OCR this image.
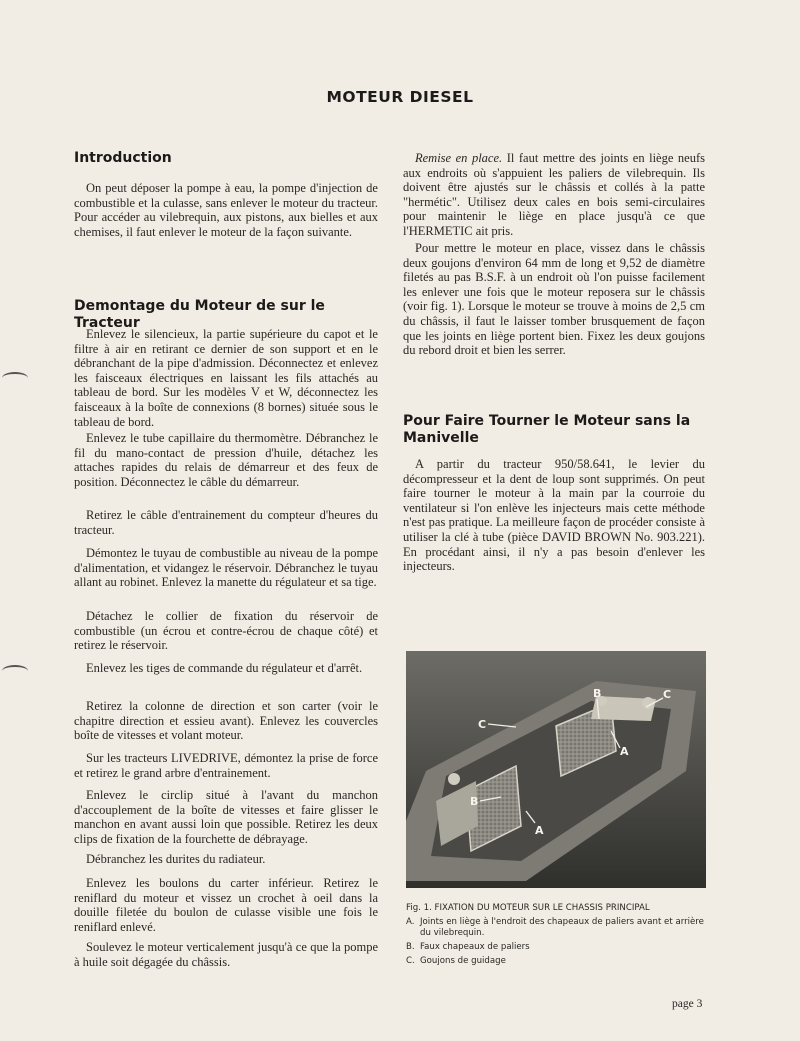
MOTEUR DIESEL
Introduction

On peut déposer la pompe à eau, la pompe d'injection de combustible et la culasse, sans enlever le moteur du tracteur. Pour accéder au vilebrequin, aux pistons, aux bielles et aux chemises, il faut enlever le moteur de la façon suivante.

Demontage du Moteur de sur le Tracteur

Enlevez le silencieux, la partie supérieure du capot et le filtre à air en retirant ce dernier de son support et en le débranchant de la pipe d'admission. Déconnectez et enlevez les faisceaux électriques en laissant les fils attachés au tableau de bord. Sur les modèles V et W, déconnectez les faisceaux à la boîte de connexions (8 bornes) située sous le tableau de bord.

Enlevez le tube capillaire du thermomètre. Débranchez le fil du mano-contact de pression d'huile, détachez les attaches rapides du relais de démarreur et des feux de position. Déconnectez le câble du démarreur.

Retirez le câble d'entrainement du compteur d'heures du tracteur.

Démontez le tuyau de combustible au niveau de la pompe d'alimentation, et vidangez le réservoir. Débranchez le tuyau allant au robinet. Enlevez la manette du régulateur et sa tige.

Détachez le collier de fixation du réservoir de combustible (un écrou et contre-écrou de chaque côté) et retirez le réservoir.

Enlevez les tiges de commande du régulateur et d'arrêt.

Retirez la colonne de direction et son carter (voir le chapitre direction et essieu avant). Enlevez les couvercles boîte de vitesses et volant moteur.

Sur les tracteurs LIVEDRIVE, démontez la prise de force et retirez le grand arbre d'entrainement.

Enlevez le circlip situé à l'avant du manchon d'accouplement de la boîte de vitesses et faire glisser le manchon en avant aussi loin que possible. Retirez les deux clips de fixation de la fourchette de débrayage.

Débranchez les durites du radiateur.

Enlevez les boulons du carter inférieur. Retirez le reniflard du moteur et vissez un crochet à oeil dans la douille filetée du boulon de culasse visible une fois le reniflard enlevé.

Soulevez le moteur verticalement jusqu'à ce que la pompe à huile soit dégagée du châssis.

Remise en place. Il faut mettre des joints en liège neufs aux endroits où s'appuient les paliers de vilebrequin. Ils doivent être ajustés sur le châssis et collés à la patte "hermétic". Utilisez deux cales en bois semi-circulaires pour maintenir le liège en place jusqu'à ce que l'HERMETIC ait pris.

Pour mettre le moteur en place, vissez dans le châssis deux goujons d'environ 64 mm de long et 9,52 de diamètre filetés au pas B.S.F. à un endroit où l'on puisse facilement les enlever une fois que le moteur reposera sur le châssis (voir fig. 1). Lorsque le moteur se trouve à moins de 2,5 cm du châssis, il faut le laisser tomber brusquement de façon que les joints en liège portent bien. Fixez les deux goujons du rebord droit et bien les serrer.

Pour Faire Tourner le Moteur sans la Manivelle

A partir du tracteur 950/58.641, le levier du décompresseur et la dent de loup sont supprimés. On peut faire tourner le moteur à la main par la courroie du ventilateur si l'on enlève les injecteurs mais cette méthode n'est pas pratique. La meilleure façon de procéder consiste à utiliser la clé à tube (pièce DAVID BROWN No. 903.221). En procédant ainsi, il n'y a pas besoin d'enlever les injecteurs.

A
A
B
B
C
C
Fig. 1. FIXATION DU MOTEUR SUR LE CHASSIS PRINCIPAL
A. Joints en liège à l'endroit des chapeaux de paliers avant et arrière du vilebrequin.
B. Faux chapeaux de paliers
C. Goujons de guidage
page 3
